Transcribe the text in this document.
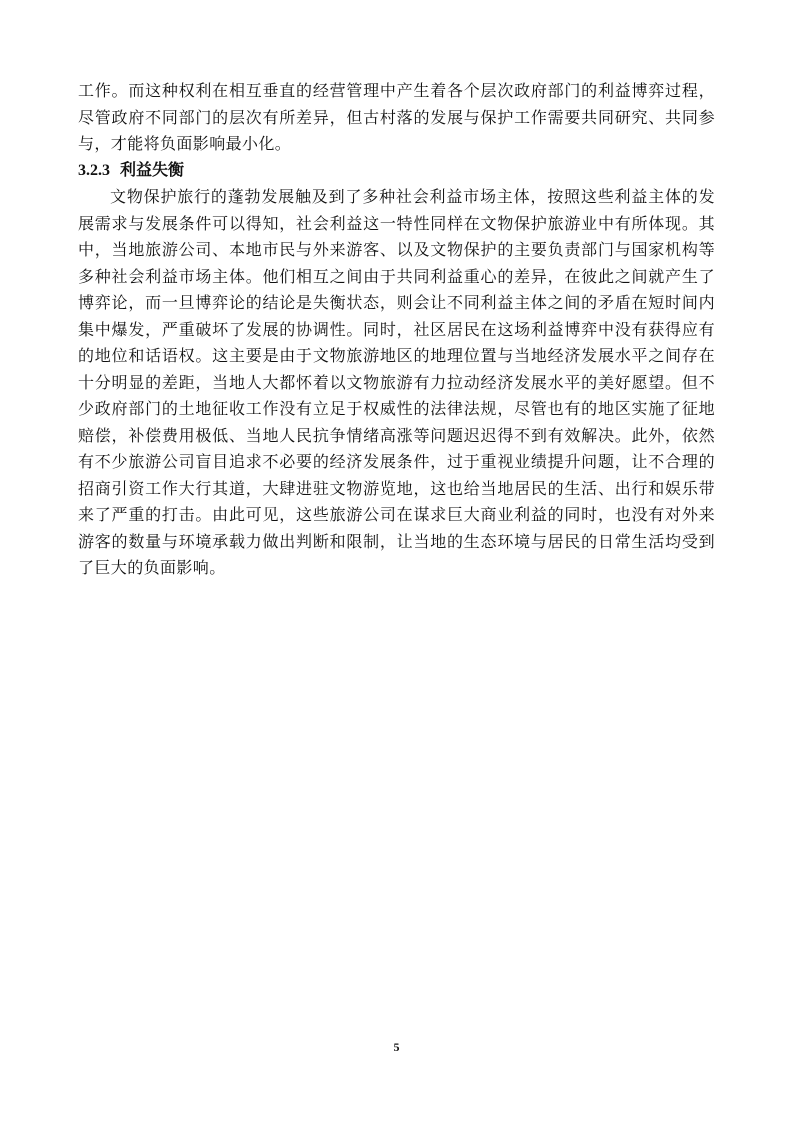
工作。而这种权利在相互垂直的经营管理中产生着各个层次政府部门的利益博弈过程，尽管政府不同部门的层次有所差异，但古村落的发展与保护工作需要共同研究、共同参与，才能将负面影响最小化。

3.2.3 利益失衡

文物保护旅行的蓬勃发展触及到了多种社会利益市场主体，按照这些利益主体的发展需求与发展条件可以得知，社会利益这一特性同样在文物保护旅游业中有所体现。其中，当地旅游公司、本地市民与外来游客、以及文物保护的主要负责部门与国家机构等多种社会利益市场主体。他们相互之间由于共同利益重心的差异，在彼此之间就产生了博弈论，而一旦博弈论的结论是失衡状态，则会让不同利益主体之间的矛盾在短时间内集中爆发，严重破坏了发展的协调性。同时，社区居民在这场利益博弈中没有获得应有的地位和话语权。这主要是由于文物旅游地区的地理位置与当地经济发展水平之间存在十分明显的差距，当地人大都怀着以文物旅游有力拉动经济发展水平的美好愿望。但不少政府部门的土地征收工作没有立足于权威性的法律法规，尽管也有的地区实施了征地赔偿，补偿费用极低、当地人民抗争情绪高涨等问题迟迟得不到有效解决。此外，依然有不少旅游公司盲目追求不必要的经济发展条件，过于重视业绩提升问题，让不合理的招商引资工作大行其道，大肆进驻文物游览地，这也给当地居民的生活、出行和娱乐带来了严重的打击。由此可见，这些旅游公司在谋求巨大商业利益的同时，也没有对外来游客的数量与环境承载力做出判断和限制，让当地的生态环境与居民的日常生活均受到了巨大的负面影响。

5
